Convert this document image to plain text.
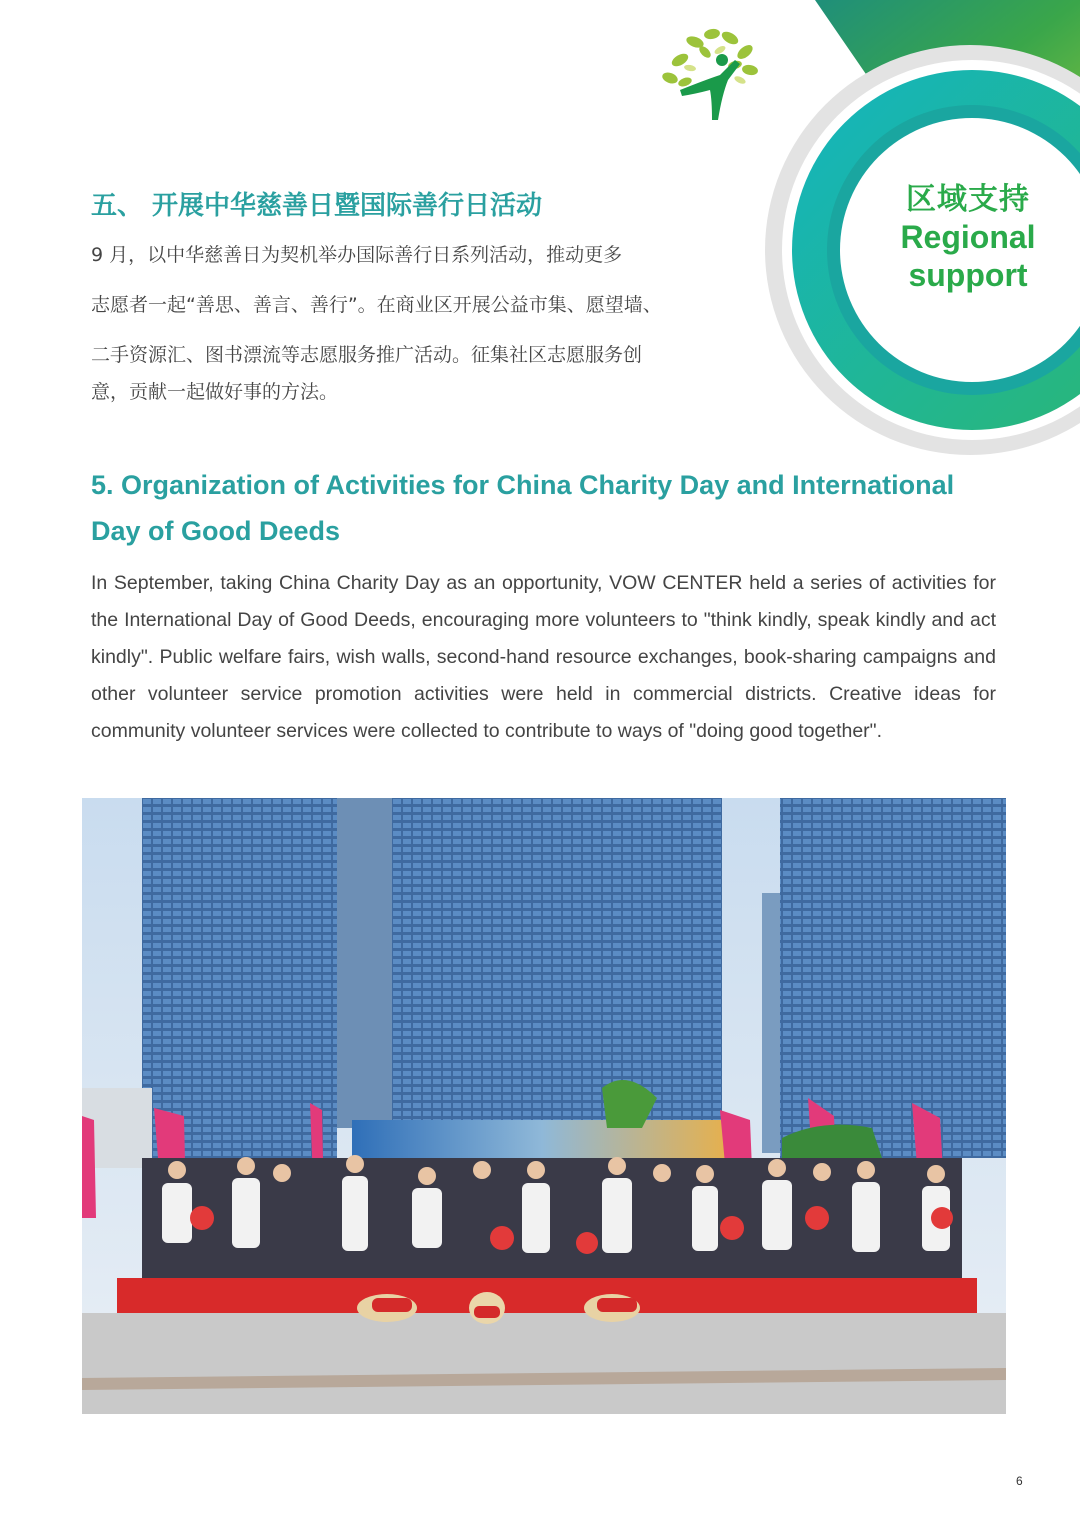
区域支持
Regional
support
五、 开展中华慈善日暨国际善行日活动
9 月，以中华慈善日为契机举办国际善行日系列活动，推动更多
志愿者一起“善思、善言、善行”。在商业区开展公益市集、愿望墙、
二手资源汇、图书漂流等志愿服务推广活动。征集社区志愿服务创
意，贡献一起做好事的方法。
5. Organization of Activities for China Charity Day and International Day of Good Deeds
In September, taking China Charity Day as an opportunity, VOW CENTER held a series of activities for the International Day of Good Deeds, encouraging more volunteers to "think kindly, speak kindly and act kindly". Public welfare fairs, wish walls, second-hand resource exchanges, book-sharing campaigns and other volunteer service promotion activities were held in commercial districts. Creative ideas for community volunteer services were collected to contribute to ways of "doing good together".
6
